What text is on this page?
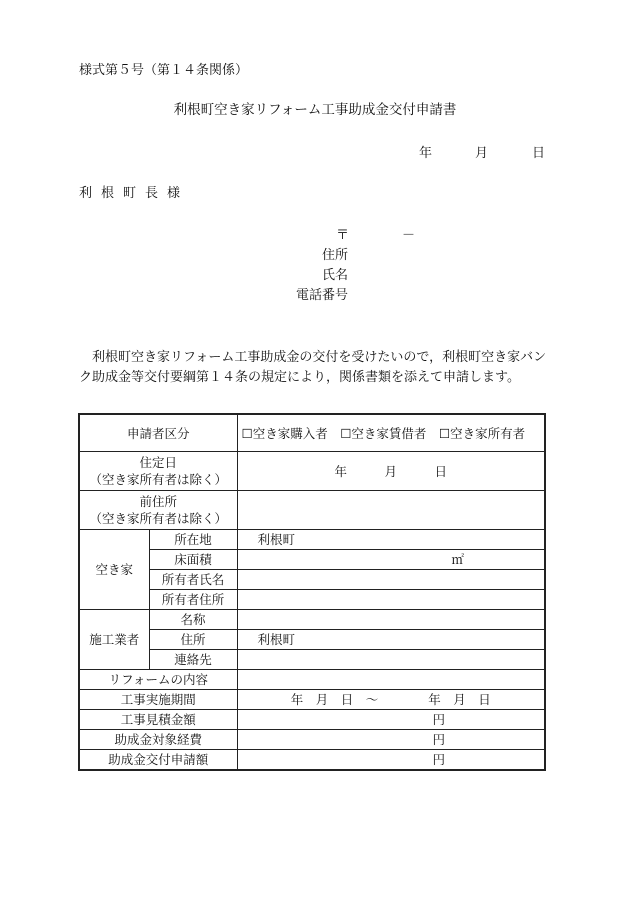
様式第５号（第１４条関係）
利根町空き家リフォーム工事助成金交付申請書
年	月	日
利根町長様
〒	－
住所
氏名
電話番号
利根町空き家リフォーム工事助成金の交付を受けたいので，利根町空き家バンク助成金等交付要綱第１４条の規定により，関係書類を添えて申請します。
申請者区分		☐空き家購入者　☐空き家賃借者　☐空き家所有者

住定日
（空き家所有者は除く）		年　　　月　　　日

前住所
（空き家所有者は除く）		

空き家	所在地	利根町
	床面積	㎡
	所有者氏名	
	所有者住所	
施工業者	名称	
	住所	利根町
	連絡先	
リフォームの内容		
工事実施期間		年　月　日　～　　　　年　月　日
工事見積金額		円
助成金対象経費		円
助成金交付申請額		円
